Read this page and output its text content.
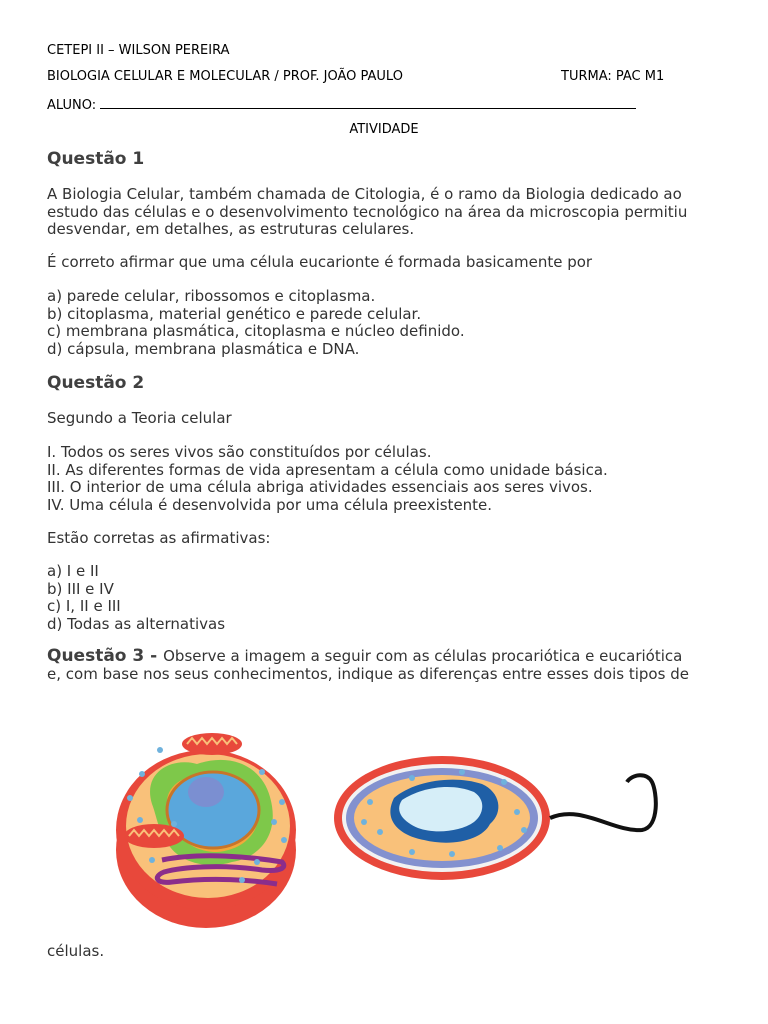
CETEPI II – WILSON PEREIRA
BIOLOGIA CELULAR E MOLECULAR / PROF. JOÃO PAULO	TURMA: PAC M1
ALUNO:
ATIVIDADE
Questão 1
A Biologia Celular, também chamada de Citologia, é o ramo da Biologia dedicado ao
estudo das células e o desenvolvimento tecnológico na área da microscopia permitiu
desvendar, em detalhes, as estruturas celulares.
É correto afirmar que uma célula eucarionte é formada basicamente por
a) parede celular, ribossomos e citoplasma.
b) citoplasma, material genético e parede celular.
c) membrana plasmática, citoplasma e núcleo definido.
d) cápsula, membrana plasmática e DNA.
Questão 2
Segundo a Teoria celular
I. Todos os seres vivos são constituídos por células.
II. As diferentes formas de vida apresentam a célula como unidade básica.
III. O interior de uma célula abriga atividades essenciais aos seres vivos.
IV. Uma célula é desenvolvida por uma célula preexistente.
Estão corretas as afirmativas:
a) I e II
b) III e IV
c) I, II e III
d) Todas as alternativas
Questão 3 - Observe a imagem a seguir com as células procariótica e eucariótica
e, com base nos seus conhecimentos, indique as diferenças entre esses dois tipos de
células.
